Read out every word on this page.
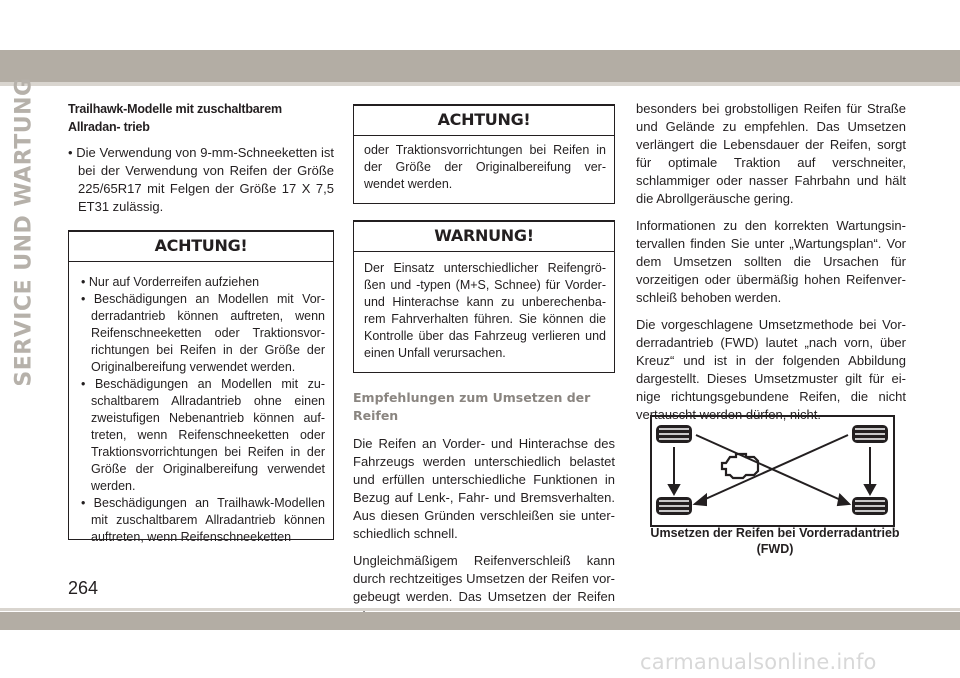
SERVICE UND WARTUNG	Trailhawk-Modelle mit zuschaltbarem Allradan- trieb

• Die Verwendung von 9-mm-Schneeketten ist bei der Verwendung von Reifen der Größe 225/65R17 mit Felgen der Größe 17 X 7,5 ET31 zulässig.

ACHTUNG!

• Nur auf Vorderreifen aufziehen

• Beschädigungen an Modellen mit Vor- derradantrieb können auftreten, wenn Reifenschneeketten oder Traktionsvor- richtungen bei Reifen in der Größe der Originalbereifung verwendet werden.

• Beschädigungen an Modellen mit zu- schaltbarem Allradantrieb ohne einen zweistufigen Nebenantrieb können auf- treten, wenn Reifenschneeketten oder Traktionsvorrichtungen bei Reifen in der Größe der Originalbereifung verwendet werden.

• Beschädigungen an Trailhawk-Modellen mit zuschaltbarem Allradantrieb können auftreten, wenn Reifenschneeketten

ACHTUNG!
oder Traktionsvorrichtungen bei Reifen in der Größe der Originalbereifung ver- wendet werden.
WARNUNG!
Der Einsatz unterschiedlicher Reifengrö- ßen und -typen (M+S, Schnee) für Vorder- und Hinterachse kann zu unberechenba- rem Fahrverhalten führen. Sie können die Kontrolle über das Fahrzeug verlieren und einen Unfall verursachen.

Empfehlungen zum Umsetzen der Reifen

Die Reifen an Vorder- und Hinterachse des Fahrzeugs werden unterschiedlich belastet und erfüllen unterschiedliche Funktionen in Bezug auf Lenk-, Fahr- und Bremsverhalten. Aus diesen Gründen verschleißen sie unter- schiedlich schnell.

Ungleichmäßigem Reifenverschleiß kann durch rechtzeitiges Umsetzen der Reifen vor- gebeugt werden. Das Umsetzen der Reifen

besonders bei grobstolligen Reifen für Straße und Gelände zu empfehlen. Das Umsetzen verlängert die Lebensdauer der Reifen, sorgt für optimale Traktion auf verschneiter, schlammiger oder nasser Fahrbahn und hält die Abrollgeräusche gering.

Informationen zu den korrekten Wartungsin- tervallen finden Sie unter „Wartungsplan“. Vor dem Umsetzen sollten die Ursachen für vorzeitigen oder übermäßig hohen Reifenver- schleiß behoben werden.

Die vorgeschlagene Umsetzmethode bei Vor- derradantrieb (FWD) lautet „nach vorn, über Kreuz“ und ist in der folgenden Abbildung dargestellt. Dieses Umsetzmuster gilt für ei- nige richtungsgebundene Reifen, die nicht vertauscht werden dürfen, nicht.

Umsetzen der Reifen bei Vorderradantrieb (FWD)
264
carmanualsonline.info
